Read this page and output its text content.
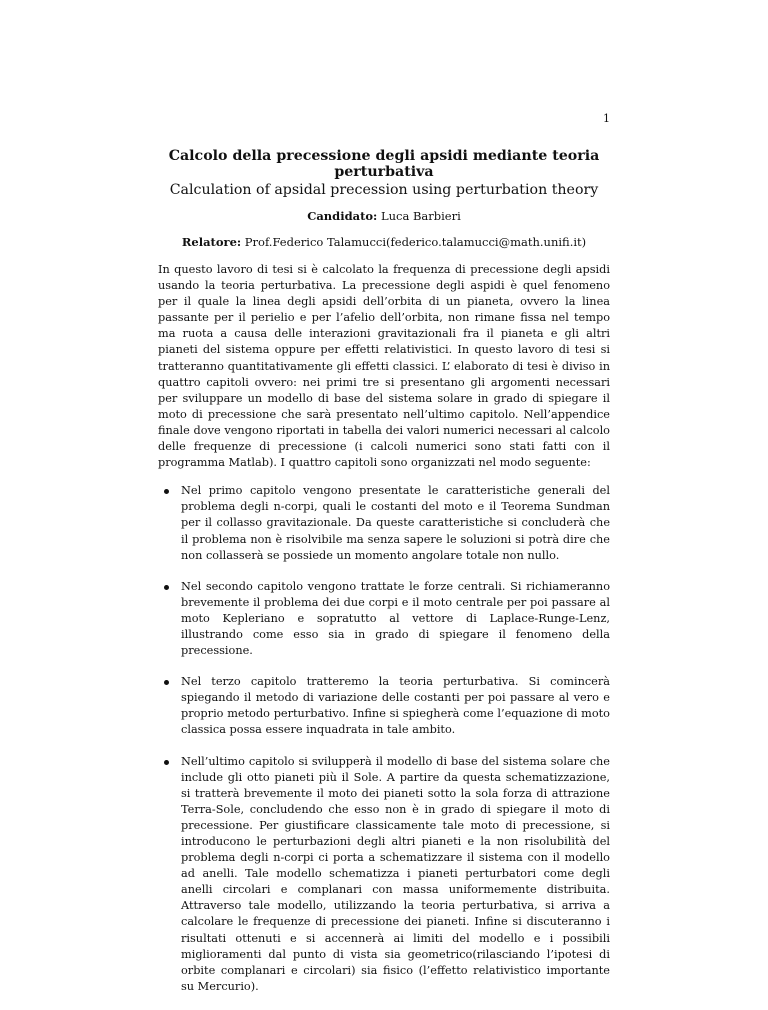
1
Calcolo della precessione degli apsidi mediante teoria perturbativa
Calculation of apsidal precession using perturbation theory
Candidato: Luca Barbieri
Relatore: Prof.Federico Talamucci(federico.talamucci@math.unifi.it)

In questo lavoro di tesi si è calcolato la frequenza di precessione degli apsidi usando la teoria perturbativa. La precessione degli aspidi è quel fenomeno per il quale la linea degli apsidi dell’orbita di un pianeta, ovvero la linea passante per il perielio e per l’afelio dell’orbita, non rimane fissa nel tempo ma ruota a causa delle interazioni gravitazionali fra il pianeta e gli altri pianeti del sistema oppure per effetti relativistici. In questo lavoro di tesi si tratteranno quantitativamente gli effetti classici. L’ elaborato di tesi è diviso in quattro capitoli ovvero: nei primi tre si presentano gli argomenti necessari per sviluppare un modello di base del sistema solare in grado di spiegare il moto di precessione che sarà presentato nell’ultimo capitolo. Nell’appendice finale dove vengono riportati in tabella dei valori numerici necessari al calcolo delle frequenze di precessione (i calcoli numerici sono stati fatti con il programma Matlab). I quattro capitoli sono organizzati nel modo seguente:

Nel primo capitolo vengono presentate le caratteristiche generali del problema degli n-corpi, quali le costanti del moto e il Teorema Sundman per il collasso gravitazionale. Da queste caratteristiche si concluderà che il problema non è risolvibile ma senza sapere le soluzioni si potrà dire che non collasserà se possiede un momento angolare totale non nullo.
Nel secondo capitolo vengono trattate le forze centrali. Si richiameranno brevemente il problema dei due corpi e il moto centrale per poi passare al moto Kepleriano e sopratutto al vettore di Laplace-Runge-Lenz, illustrando come esso sia in grado di spiegare il fenomeno della precessione.
Nel terzo capitolo tratteremo la teoria perturbativa. Si comincerà spiegando il metodo di variazione delle costanti per poi passare al vero e proprio metodo perturbativo. Infine si spiegherà come l’equazione di moto classica possa essere inquadrata in tale ambito.
Nell’ultimo capitolo si svilupperà il modello di base del sistema solare che include gli otto pianeti più il Sole. A partire da questa schematizzazione, si tratterà brevemente il moto dei pianeti sotto la sola forza di attrazione Terra-Sole, concludendo che esso non è in grado di spiegare il moto di precessione. Per giustificare classicamente tale moto di precessione, si introducono le perturbazioni degli altri pianeti e la non risolubilità del problema degli n-corpi ci porta a schematizzare il sistema con il modello ad anelli. Tale modello schematizza i pianeti perturbatori come degli anelli circolari e complanari con massa uniformemente distribuita. Attraverso tale modello, utilizzando la teoria perturbativa, si arriva a calcolare le frequenze di precessione dei pianeti. Infine si discuteranno i risultati ottenuti e si accennerà ai limiti del modello e i possibili miglioramenti dal punto di vista sia geometrico(rilasciando l’ipotesi di orbite complanari e circolari) sia fisico (l’effetto relativistico importante su Mercurio).
